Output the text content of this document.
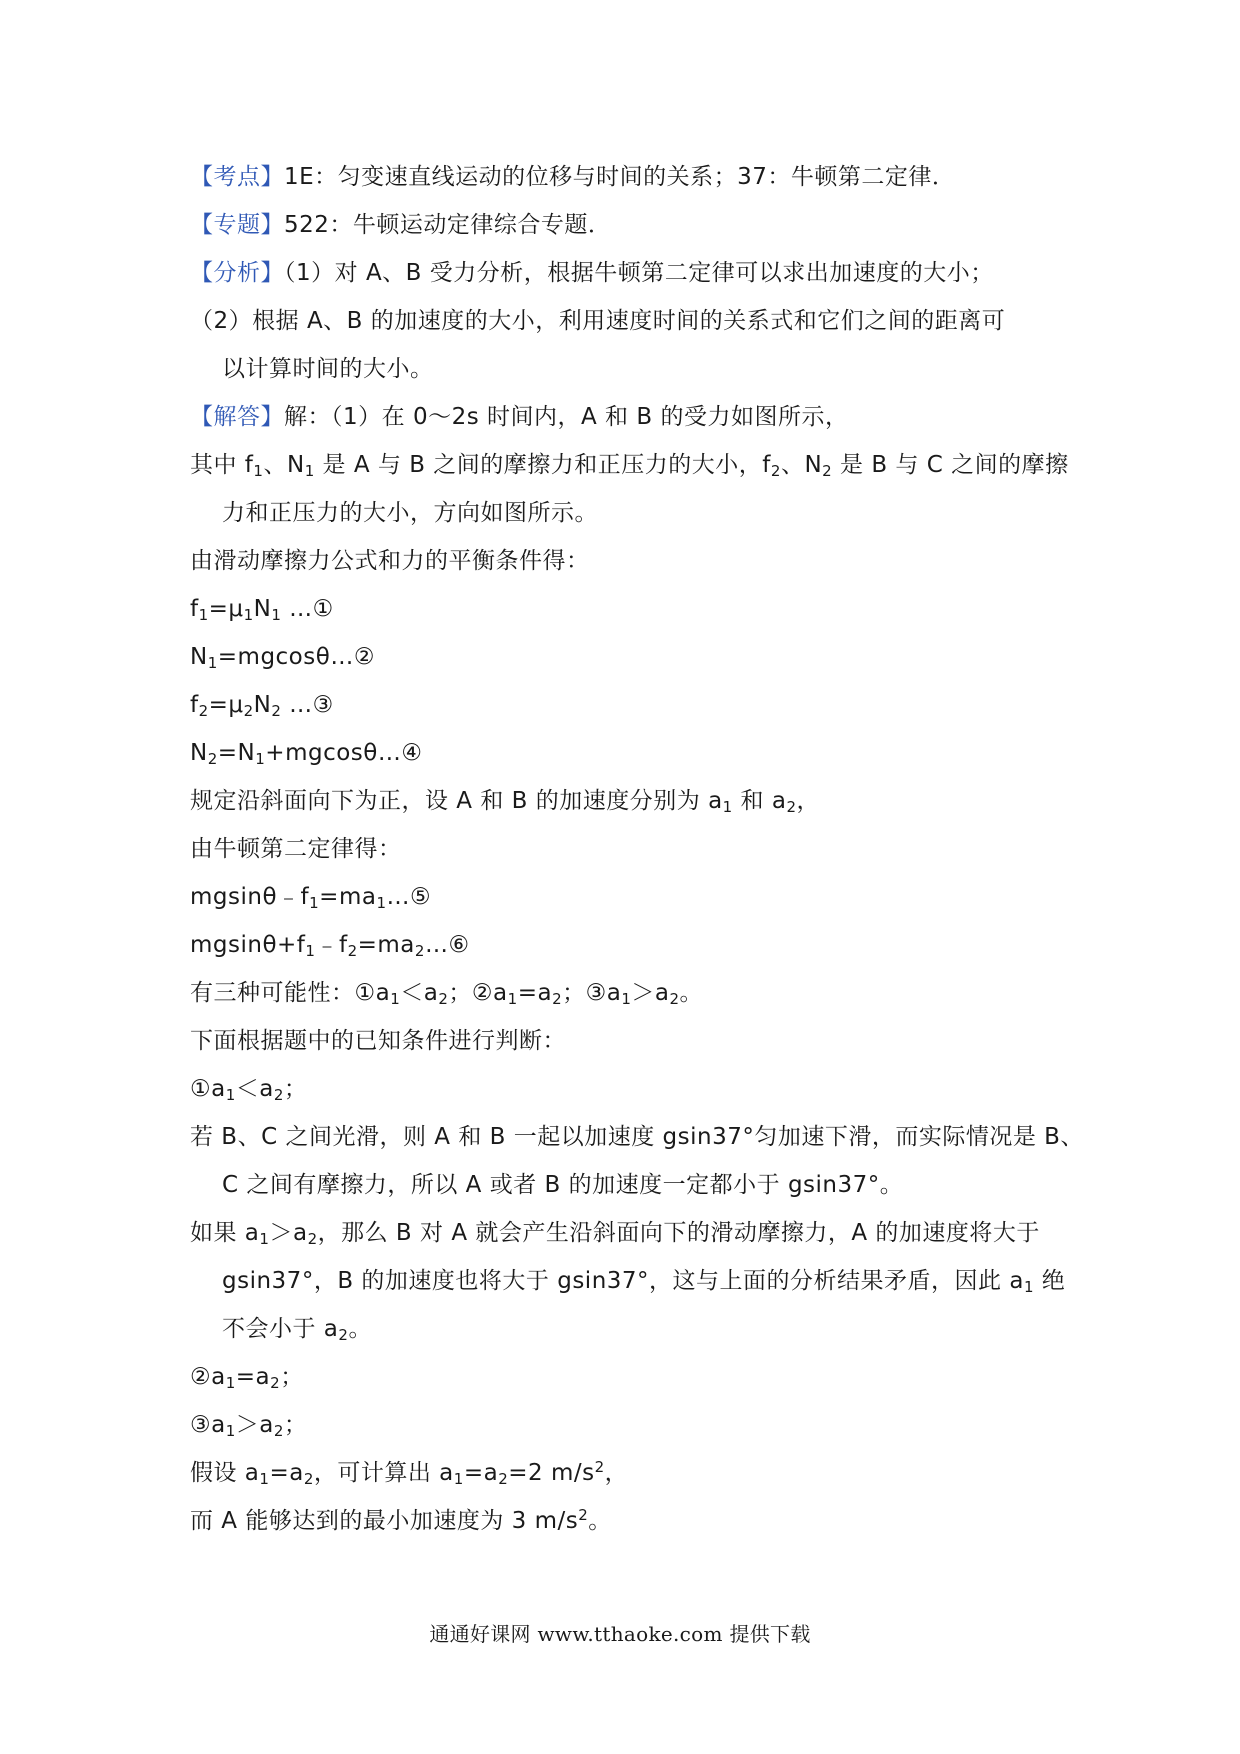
【考点】1E：匀变速直线运动的位移与时间的关系；37：牛顿第二定律．
【专题】522：牛顿运动定律综合专题．
【分析】（1）对 A、B 受力分析，根据牛顿第二定律可以求出加速度的大小；
（2）根据 A、B 的加速度的大小，利用速度时间的关系式和它们之间的距离可
以计算时间的大小。
【解答】解：（1）在 0～2s 时间内，A 和 B 的受力如图所示，
其中 $f_1$、$N_1$ 是 A 与 B 之间的摩擦力和正压力的大小，$f_2$、$N_2$ 是 B 与 C 之间的摩擦
力和正压力的大小，方向如图所示。
由滑动摩擦力公式和力的平衡条件得：
$f_1=\mu_1N_1$ …①
$N_1=mgcos\theta\dots ②$
$f_2=\mu_2N_2$ …③
$N_2=N_1+mgcos\theta\dots ④$
规定沿斜面向下为正，设 A 和 B 的加速度分别为 $a_1$ 和 $a_2$，
由牛顿第二定律得：
$mgsin\theta﹣f_1=ma_1\dots ⑤$
$mgsin\theta+f_1﹣f_2=ma_2\dots ⑥$
有三种可能性：$①a_1<a_2$；$②a_1=a_2$；$③a_1>a_2$。
下面根据题中的已知条件进行判断：
$①a_1<a_2$；
若 B、C 之间光滑，则 A 和 B 一起以加速度 gsin37°匀加速下滑，而实际情况是 B、
C 之间有摩擦力，所以 A 或者 B 的加速度一定都小于 gsin37°。
如果 $a_1>a_2$，那么 B 对 A 就会产生沿斜面向下的滑动摩擦力，A 的加速度将大于
gsin37°，B 的加速度也将大于 gsin37°，这与上面的分析结果矛盾，因此 $a_1$ 绝
不会小于 $a_2$。
$②a_1=a_2$；
$③a_1>a_2$；
假设 $a_1=a_2$，可计算出 $a_1=a_2=2$ $m/s^2$，
而 A 能够达到的最小加速度为 3 $m/s^2$。
通通好课网 www.tthaoke.com 提供下载
